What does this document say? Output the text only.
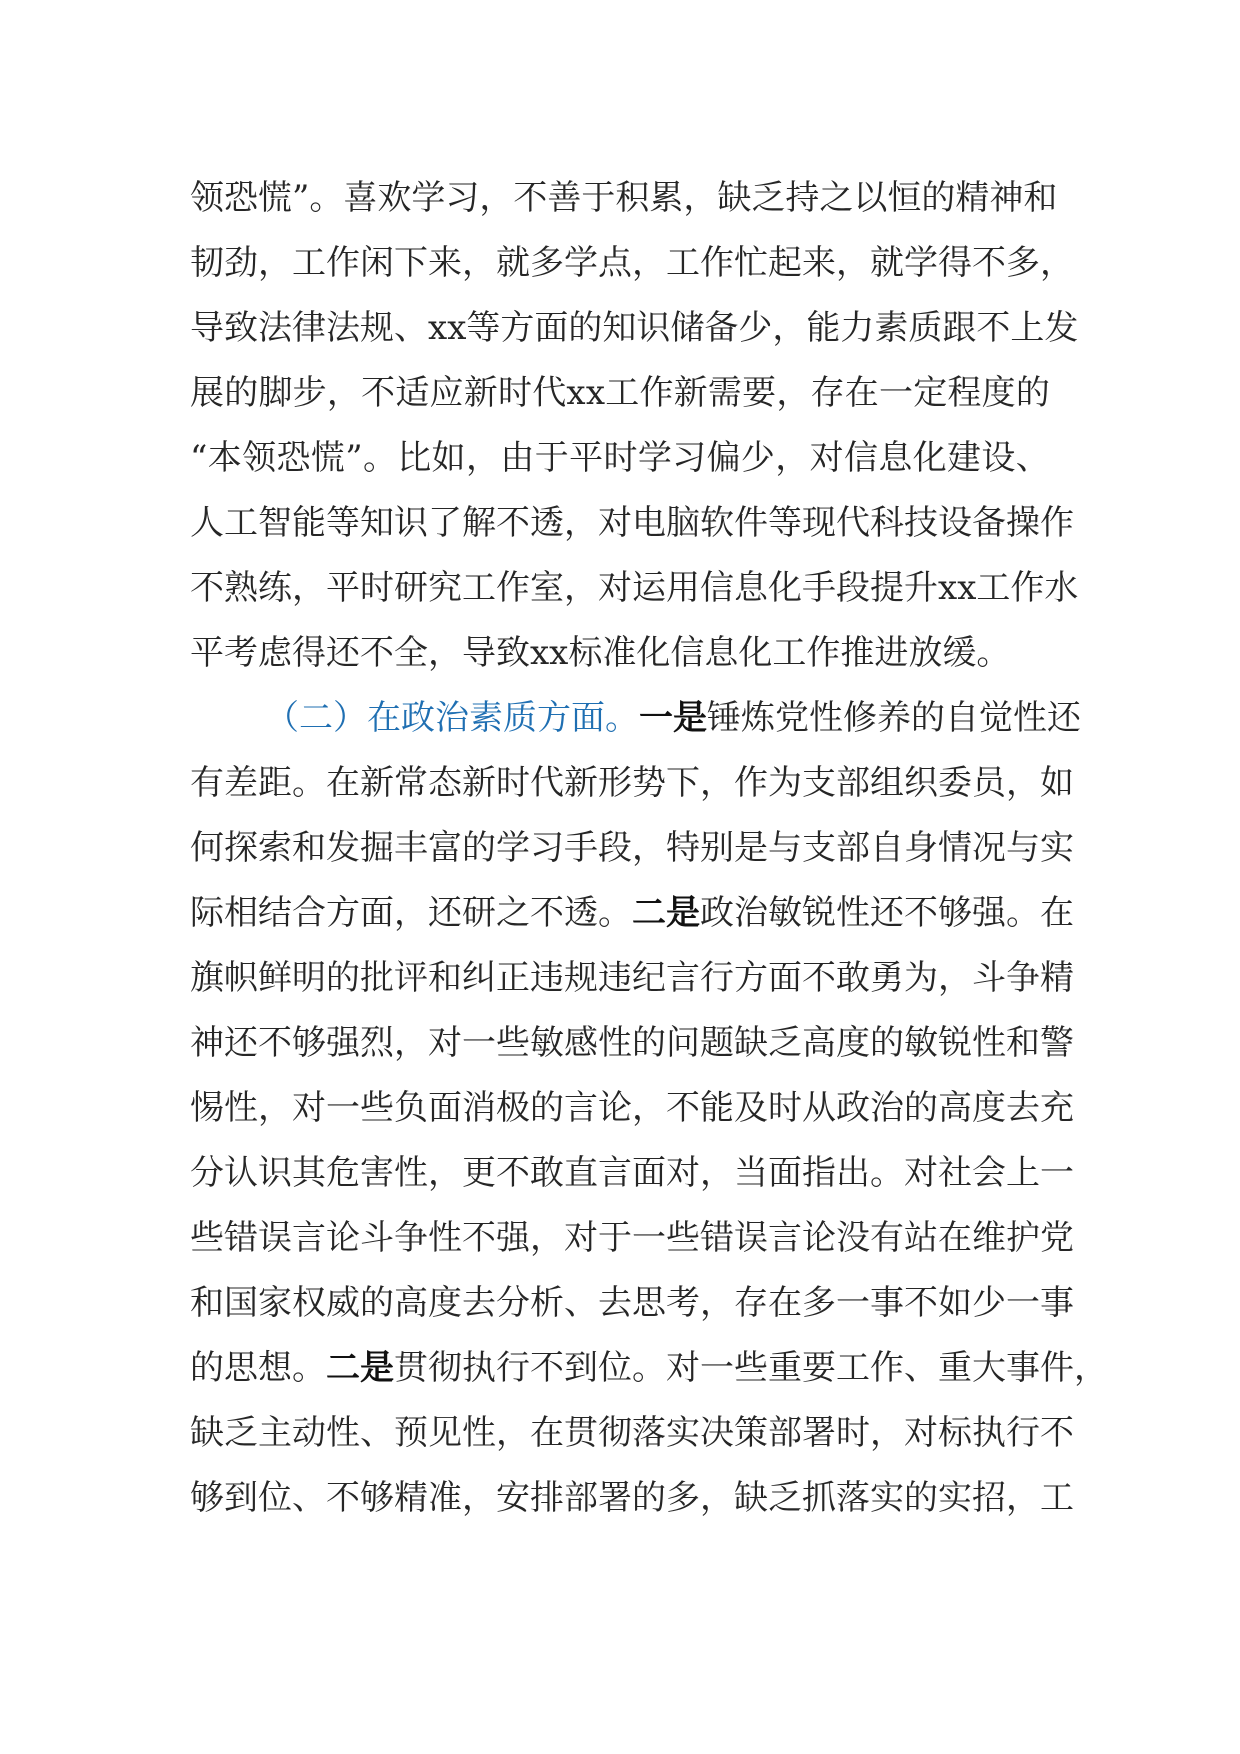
领 恐 慌 ” 。 喜 欢 学 习 ， 不 善 于 积 累 ， 缺 乏 持 之 以 恒 的 精 神 和
韧 劲 ， 工 作 闲 下 来 ， 就 多 学 点 ， 工 作 忙 起 来 ， 就 学 得 不 多 ，
导 致 法 律 法 规 、 x x 等 方 面 的 知 识 储 备 少 ， 能 力 素 质 跟 不 上 发
展 的 脚 步 ， 不 适 应 新 时 代 x x 工 作 新 需 要 ， 存 在 一 定 程 度 的
“ 本 领 恐 慌 ” 。 比 如 ， 由 于 平 时 学 习 偏 少 ， 对 信 息 化 建 设 、
人 工 智 能 等 知 识 了 解 不 透 ， 对 电 脑 软 件 等 现 代 科 技 设 备 操 作
不 熟 练 ， 平 时 研 究 工 作 室 ， 对 运 用 信 息 化 手 段 提 升 x x 工 作 水
平考虑得还不全，导致xx标准化信息化工作推进放缓。
（ 二 ） 在 政 治 素 质 方 面 。 一 是 锤 炼 党 性 修 养 的 自 觉 性 还
有 差 距 。 在 新 常 态 新 时 代 新 形 势 下 ， 作 为 支 部 组 织 委 员 ， 如
何 探 索 和 发 掘 丰 富 的 学 习 手 段 ， 特 别 是 与 支 部 自 身 情 况 与 实
际 相 结 合 方 面 ， 还 研 之 不 透 。 二 是 政 治 敏 锐 性 还 不 够 强 。 在
旗 帜 鲜 明 的 批 评 和 纠 正 违 规 违 纪 言 行 方 面 不 敢 勇 为 ， 斗 争 精
神 还 不 够 强 烈 ， 对 一 些 敏 感 性 的 问 题 缺 乏 高 度 的 敏 锐 性 和 警
惕 性 ， 对 一 些 负 面 消 极 的 言 论 ， 不 能 及 时 从 政 治 的 高 度 去 充
分 认 识 其 危 害 性 ， 更 不 敢 直 言 面 对 ， 当 面 指 出 。 对 社 会 上 一
些 错 误 言 论 斗 争 性 不 强 ， 对 于 一 些 错 误 言 论 没 有 站 在 维 护 党
和 国 家 权 威 的 高 度 去 分 析 、 去 思 考 ， 存 在 多 一 事 不 如 少 一 事
的 思 想 。 二 是 贯 彻 执 行 不 到 位 。 对 一 些 重 要 工 作 、 重 大 事 件 ，
缺 乏 主 动 性 、 预 见 性 ， 在 贯 彻 落 实 决 策 部 署 时 ， 对 标 执 行 不
够 到 位 、 不 够 精 准 ， 安 排 部 署 的 多 ， 缺 乏 抓 落 实 的 实 招 ， 工
